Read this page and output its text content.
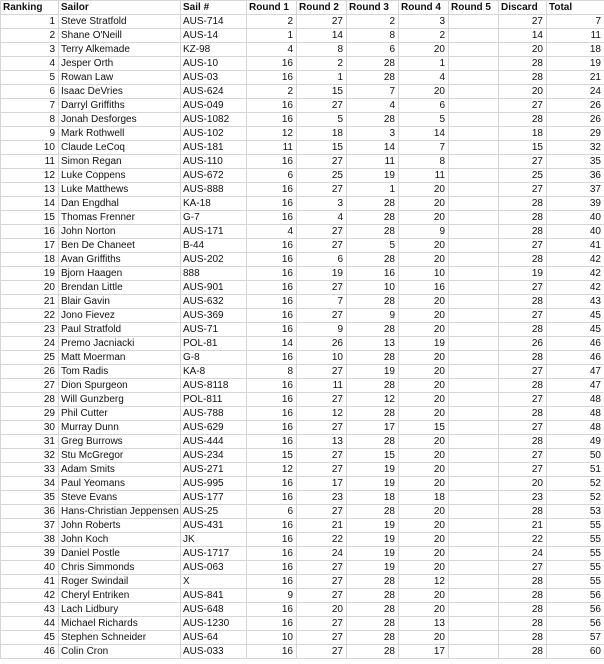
Ranking	Sailor	Sail #	Round 1	Round 2	Round 3	Round 4	Round 5	Discard	Total
1	Steve Stratfold	AUS-714	2	27	2	3		27	7
2	Shane O'Neill	AUS-14	1	14	8	2		14	11
3	Terry Alkemade	KZ-98	4	8	6	20		20	18
4	Jesper Orth	AUS-10	16	2	28	1		28	19
5	Rowan Law	AUS-03	16	1	28	4		28	21
6	Isaac DeVries	AUS-624	2	15	7	20		20	24
7	Darryl Griffiths	AUS-049	16	27	4	6		27	26
8	Jonah Desforges	AUS-1082	16	5	28	5		28	26
9	Mark Rothwell	AUS-102	12	18	3	14		18	29
10	Claude LeCoq	AUS-181	11	15	14	7		15	32
11	Simon Regan	AUS-110	16	27	11	8		27	35
12	Luke Coppens	AUS-672	6	25	19	11		25	36
13	Luke Matthews	AUS-888	16	27	1	20		27	37
14	Dan Engdhal	KA-18	16	3	28	20		28	39
15	Thomas Frenner	G-7	16	4	28	20		28	40
16	John Norton	AUS-171	4	27	28	9		28	40
17	Ben De Chaneet	B-44	16	27	5	20		27	41
18	Avan Griffiths	AUS-202	16	6	28	20		28	42
19	Bjorn Haagen	888	16	19	16	10		19	42
20	Brendan Little	AUS-901	16	27	10	16		27	42
21	Blair Gavin	AUS-632	16	7	28	20		28	43
22	Jono Fievez	AUS-369	16	27	9	20		27	45
23	Paul Stratfold	AUS-71	16	9	28	20		28	45
24	Premo Jacniacki	POL-81	14	26	13	19		26	46
25	Matt Moerman	G-8	16	10	28	20		28	46
26	Tom Radis	KA-8	8	27	19	20		27	47
27	Dion Spurgeon	AUS-8118	16	11	28	20		28	47
28	Will Gunzberg	POL-811	16	27	12	20		27	48
29	Phil Cutter	AUS-788	16	12	28	20		28	48
30	Murray Dunn	AUS-629	16	27	17	15		27	48
31	Greg Burrows	AUS-444	16	13	28	20		28	49
32	Stu McGregor	AUS-234	15	27	15	20		27	50
33	Adam Smits	AUS-271	12	27	19	20		27	51
34	Paul Yeomans	AUS-995	16	17	19	20		20	52
35	Steve Evans	AUS-177	16	23	18	18		23	52
36	Hans-Christian Jeppensen	AUS-25	6	27	28	20		28	53
37	John Roberts	AUS-431	16	21	19	20		21	55
38	John Koch	JK	16	22	19	20		22	55
39	Daniel Postle	AUS-1717	16	24	19	20		24	55
40	Chris Simmonds	AUS-063	16	27	19	20		27	55
41	Roger Swindail	X	16	27	28	12		28	55
42	Cheryl Entriken	AUS-841	9	27	28	20		28	56
43	Lach Lidbury	AUS-648	16	20	28	20		28	56
44	Michael Richards	AUS-1230	16	27	28	13		28	56
45	Stephen Schneider	AUS-64	10	27	28	20		28	57
46	Colin Cron	AUS-033	16	27	28	17		28	60
